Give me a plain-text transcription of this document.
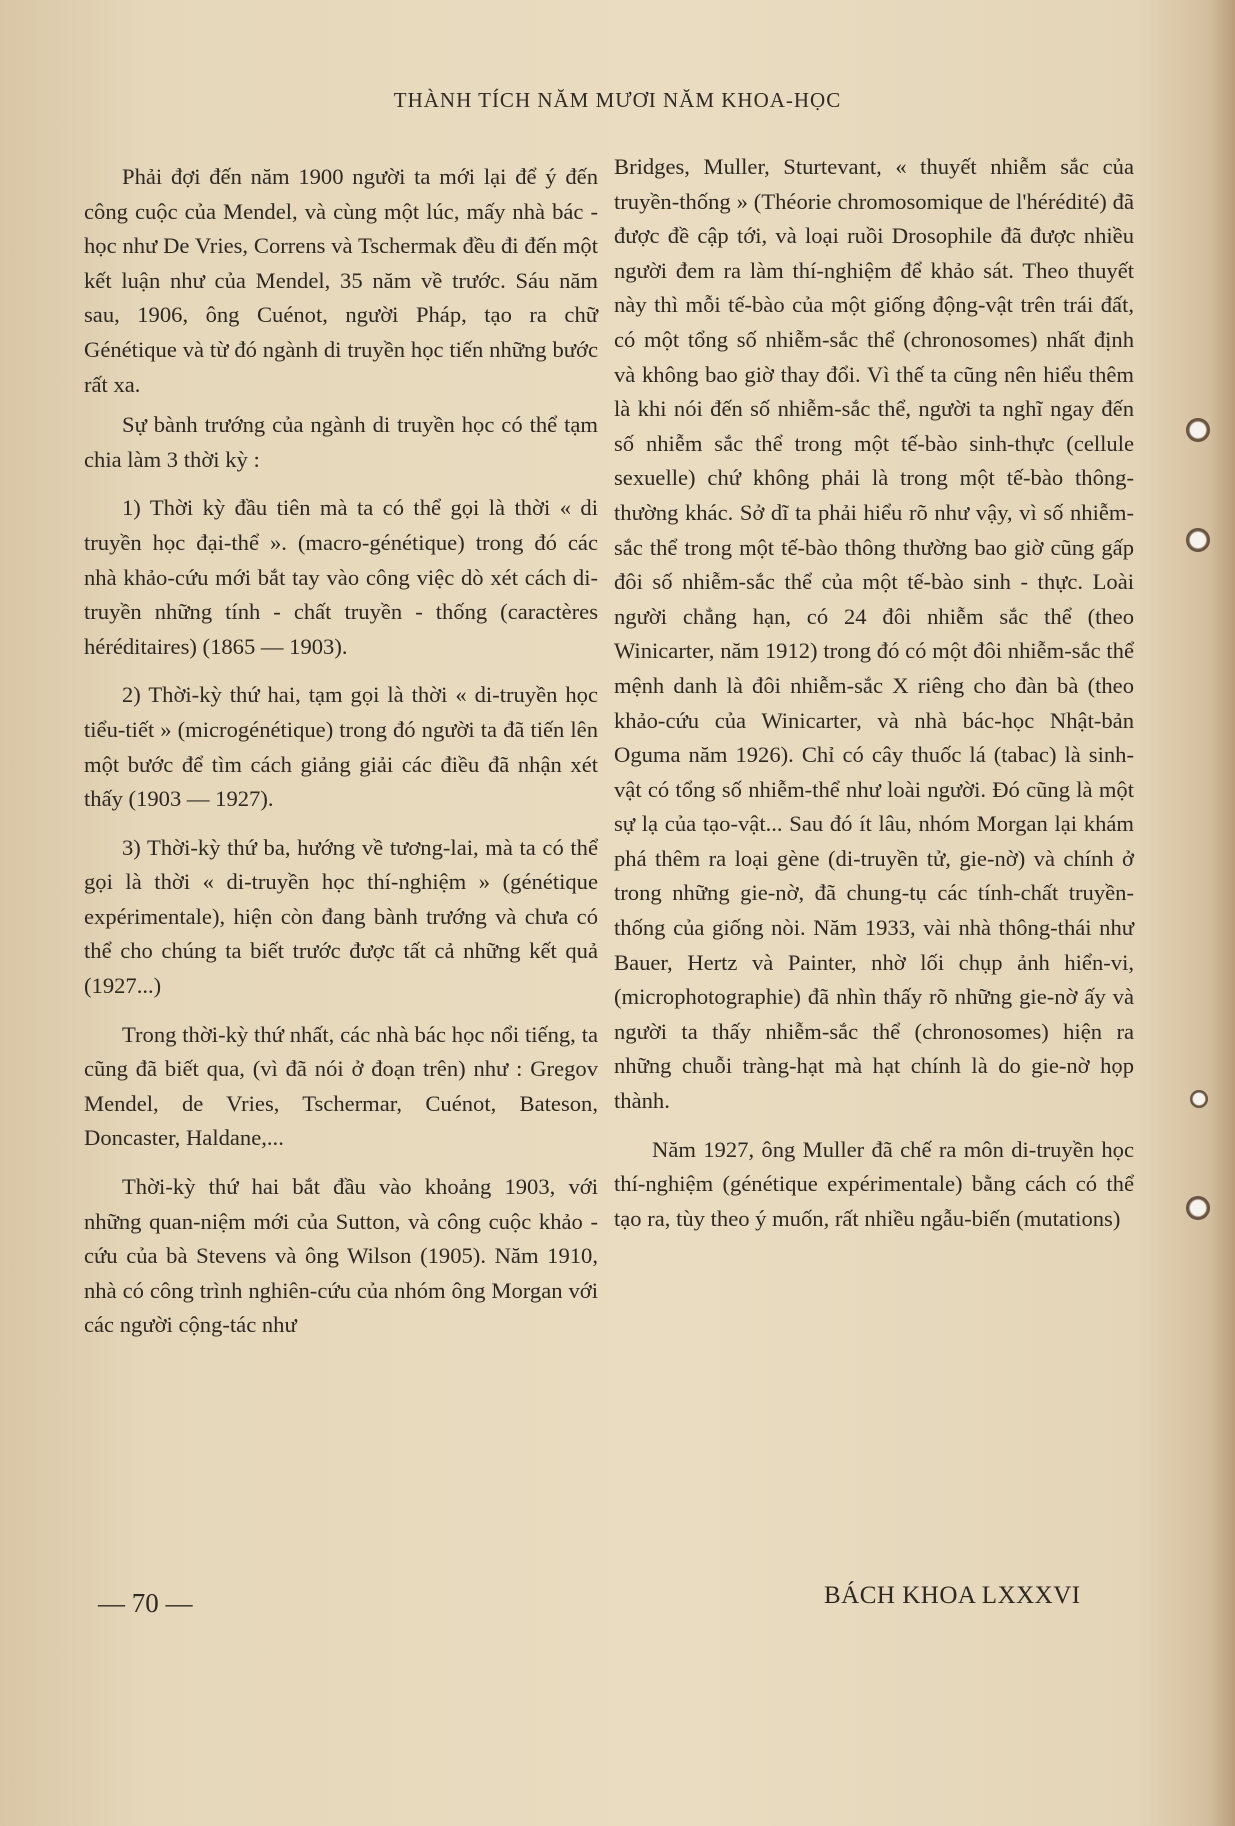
THÀNH TÍCH NĂM MƯƠI NĂM KHOA-HỌC

Phải đợi đến năm 1900 người ta mới lại để ý đến công cuộc của Mendel, và cùng một lúc, mấy nhà bác - học như De Vries, Correns và Tschermak đều đi đến một kết luận như của Mendel, 35 năm về trước. Sáu năm sau, 1906, ông Cuénot, người Pháp, tạo ra chữ Génétique và từ đó ngành di truyền học tiến những bước rất xa.

Sự bành trướng của ngành di truyền học có thể tạm chia làm 3 thời kỳ :

1) Thời kỳ đầu tiên mà ta có thể gọi là thời « di truyền học đại-thể ». (macro-génétique) trong đó các nhà khảo-cứu mới bắt tay vào công việc dò xét cách di-truyền những tính - chất truyền - thống (caractères héréditaires) (1865 — 1903).

2) Thời-kỳ thứ hai, tạm gọi là thời « di-truyền học tiểu-tiết » (microgénétique) trong đó người ta đã tiến lên một bước để tìm cách giảng giải các điều đã nhận xét thấy (1903 — 1927).

3) Thời-kỳ thứ ba, hướng về tương-lai, mà ta có thể gọi là thời « di-truyền học thí-nghiệm » (génétique expérimentale), hiện còn đang bành trướng và chưa có thể cho chúng ta biết trước được tất cả những kết quả (1927...)

Trong thời-kỳ thứ nhất, các nhà bác học nổi tiếng, ta cũng đã biết qua, (vì đã nói ở đoạn trên) như : Gregov Mendel, de Vries, Tschermar, Cuénot, Bateson, Doncaster, Haldane,...

Thời-kỳ thứ hai bắt đầu vào khoảng 1903, với những quan-niệm mới của Sutton, và công cuộc khảo - cứu của bà Stevens và ông Wilson (1905). Năm 1910, nhà có công trình nghiên-cứu của nhóm ông Morgan với các người cộng-tác như

Bridges, Muller, Sturtevant, « thuyết nhiễm sắc của truyền-thống » (Théorie chromosomique de l'hérédité) đã được đề cập tới, và loại ruồi Drosophile đã được nhiều người đem ra làm thí-nghiệm để khảo sát. Theo thuyết này thì mỗi tế-bào của một giống động-vật trên trái đất, có một tổng số nhiễm-sắc thể (chronosomes) nhất định và không bao giờ thay đổi. Vì thế ta cũng nên hiểu thêm là khi nói đến số nhiễm-sắc thể, người ta nghĩ ngay đến số nhiễm sắc thể trong một tế-bào sinh-thực (cellule sexuelle) chứ không phải là trong một tế-bào thông-thường khác. Sở dĩ ta phải hiểu rõ như vậy, vì số nhiễm-sắc thể trong một tế-bào thông thường bao giờ cũng gấp đôi số nhiễm-sắc thể của một tế-bào sinh - thực. Loài người chẳng hạn, có 24 đôi nhiễm sắc thể (theo Winicarter, năm 1912) trong đó có một đôi nhiễm-sắc thể mệnh danh là đôi nhiễm-sắc X riêng cho đàn bà (theo khảo-cứu của Winicarter, và nhà bác-học Nhật-bản Oguma năm 1926). Chỉ có cây thuốc lá (tabac) là sinh-vật có tổng số nhiễm-thể như loài người. Đó cũng là một sự lạ của tạo-vật... Sau đó ít lâu, nhóm Morgan lại khám phá thêm ra loại gène (di-truyền tử, gie-nờ) và chính ở trong những gie-nờ, đã chung-tụ các tính-chất truyền-thống của giống nòi. Năm 1933, vài nhà thông-thái như Bauer, Hertz và Painter, nhờ lối chụp ảnh hiển-vi, (microphotographie) đã nhìn thấy rõ những gie-nờ ấy và người ta thấy nhiễm-sắc thể (chronosomes) hiện ra những chuỗi tràng-hạt mà hạt chính là do gie-nờ họp thành.

Năm 1927, ông Muller đã chế ra môn di-truyền học thí-nghiệm (génétique expérimentale) bằng cách có thể tạo ra, tùy theo ý muốn, rất nhiều ngẫu-biến (mutations)

— 70 —	BÁCH KHOA LXXXVI
